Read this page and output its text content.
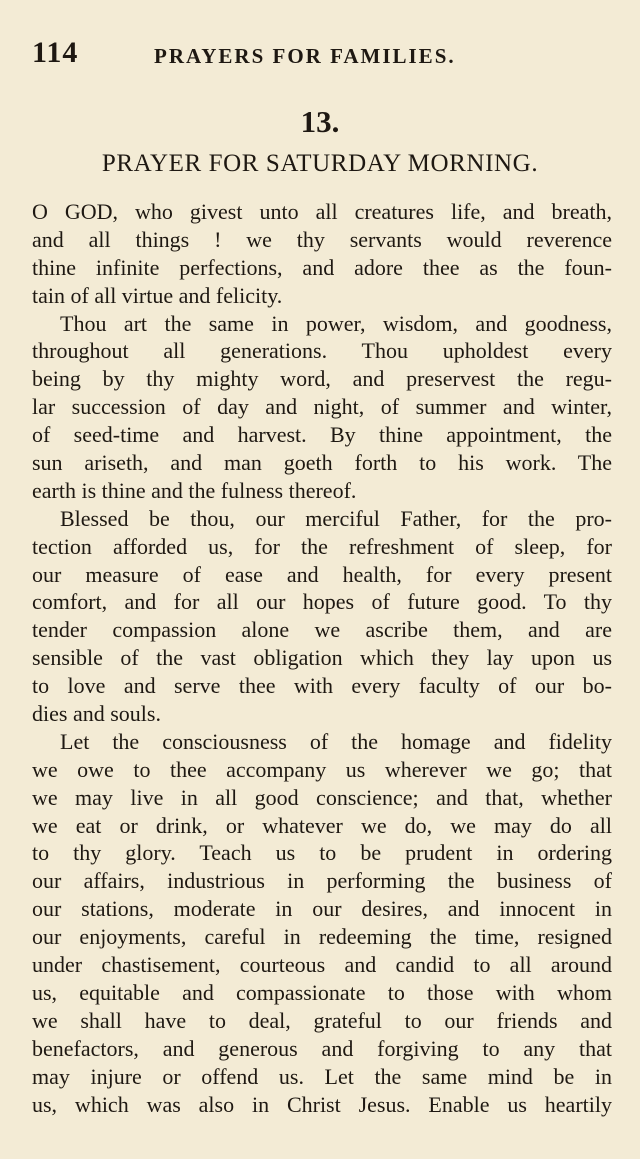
114	PRAYERS FOR FAMILIES.
13.
PRAYER FOR SATURDAY MORNING.
O GOD, who givest unto all creatures life, and breath,
and all things ! we thy servants would reverence
thine infinite perfections, and adore thee as the foun-
tain of all virtue and felicity.
Thou art the same in power, wisdom, and goodness,
throughout all generations. Thou upholdest every
being by thy mighty word, and preservest the regu-
lar succession of day and night, of summer and winter,
of seed-time and harvest. By thine appointment, the
sun ariseth, and man goeth forth to his work. The
earth is thine and the fulness thereof.
Blessed be thou, our merciful Father, for the pro-
tection afforded us, for the refreshment of sleep, for
our measure of ease and health, for every present
comfort, and for all our hopes of future good. To thy
tender compassion alone we ascribe them, and are
sensible of the vast obligation which they lay upon us
to love and serve thee with every faculty of our bo-
dies and souls.
Let the consciousness of the homage and fidelity
we owe to thee accompany us wherever we go; that
we may live in all good conscience; and that, whether
we eat or drink, or whatever we do, we may do all
to thy glory. Teach us to be prudent in ordering
our affairs, industrious in performing the business of
our stations, moderate in our desires, and innocent in
our enjoyments, careful in redeeming the time, resigned
under chastisement, courteous and candid to all around
us, equitable and compassionate to those with whom
we shall have to deal, grateful to our friends and
benefactors, and generous and forgiving to any that
may injure or offend us. Let the same mind be in
us, which was also in Christ Jesus. Enable us heartily
